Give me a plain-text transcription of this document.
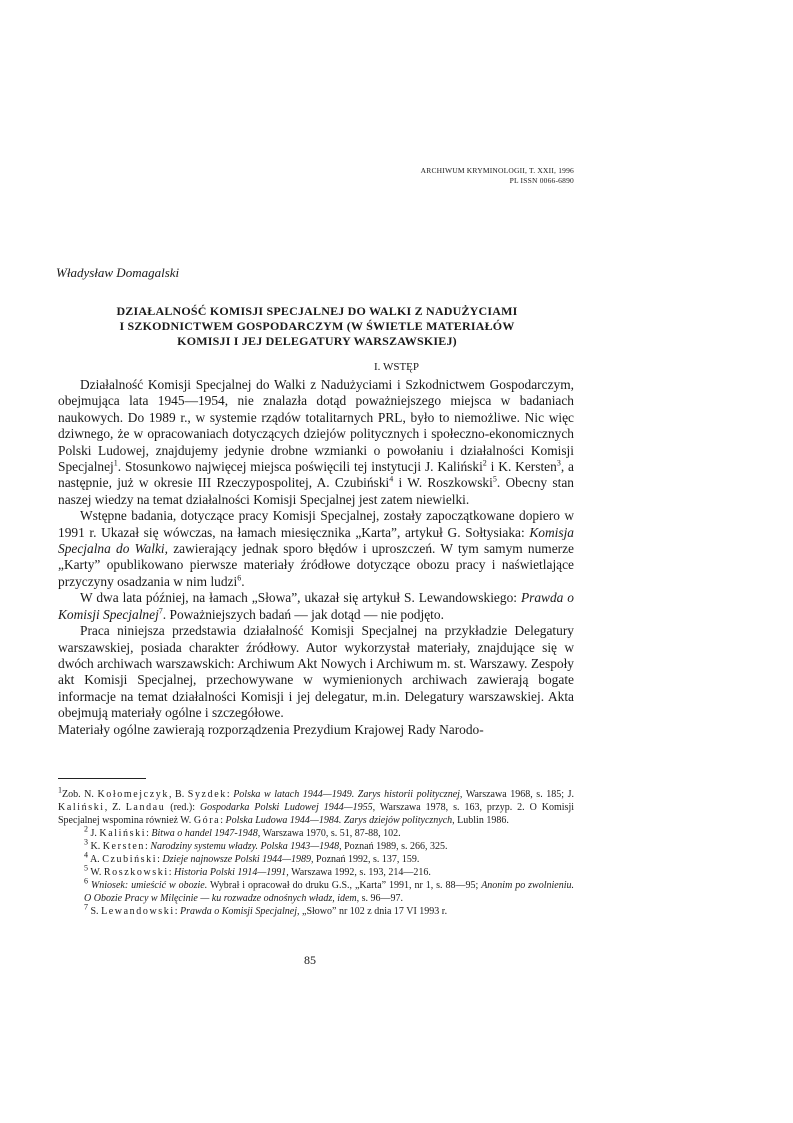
ARCHIWUM KRYMINOLOGII, T. XXII, 1996
PL ISSN 0066-6890
Władysław Domagalski
DZIAŁALNOŚĆ KOMISJI SPECJALNEJ DO WALKI Z NADUŻYCIAMI
I SZKODNICTWEM GOSPODARCZYM (W ŚWIETLE MATERIAŁÓW
KOMISJI I JEJ DELEGATURY WARSZAWSKIEJ)
I. WSTĘP

Działalność Komisji Specjalnej do Walki z Nadużyciami i Szkodnictwem Gospodarczym, obejmująca lata 1945—1954, nie znalazła dotąd poważniejszego miejsca w badaniach naukowych. Do 1989 r., w systemie rządów totalitarnych PRL, było to niemożliwe. Nic więc dziwnego, że w opracowaniach dotyczących dziejów politycznych i społeczno-ekonomicznych Polski Ludowej, znajdujemy jedynie drobne wzmianki o powołaniu i działalności Komisji Specjalnej$^1$. Stosunkowo najwięcej miejsca poświęcili tej instytucji J. Kaliński$^2$ i K. Kersten$^3$, a następnie, już w okresie III Rzeczypospolitej, A. Czubiński$^4$ i W. Roszkowski$^5$. Obecny stan naszej wiedzy na temat działalności Komisji Specjalnej jest zatem niewielki.

Wstępne badania, dotyczące pracy Komisji Specjalnej, zostały zapoczątkowane dopiero w 1991 r. Ukazał się wówczas, na łamach miesięcznika „Karta”, artykuł G. Sołtysiaka: Komisja Specjalna do Walki, zawierający jednak sporo błędów i uproszczeń. W tym samym numerze „Karty” opublikowano pierwsze materiały źródłowe dotyczące obozu pracy i naświetlające przyczyny osadzania w nim ludzi$^6$.

W dwa lata później, na łamach „Słowa”, ukazał się artykuł S. Lewandowskiego: Prawda o Komisji Specjalnej$^7$. Poważniejszych badań — jak dotąd — nie podjęto.

Praca niniejsza przedstawia działalność Komisji Specjalnej na przykładzie Delegatury warszawskiej, posiada charakter źródłowy. Autor wykorzystał materiały, znajdujące się w dwóch archiwach warszawskich: Archiwum Akt Nowych i Archiwum m. st. Warszawy. Zespoły akt Komisji Specjalnej, przechowywane w wymienionych archiwach zawierają bogate informacje na temat działalności Komisji i jej delegatur, m.in. Delegatury warszawskiej. Akta obejmują materiały ogólne i szczegółowe.

Materiały ogólne zawierają rozporządzenia Prezydium Krajowej Rady Narodo-

$^1$Zob. N. Kołomejczyk, B. Syzdek: Polska w latach 1944—1949. Zarys historii politycznej, Warszawa 1968, s. 185; J. Kaliński, Z. Landau (red.): Gospodarka Polski Ludowej 1944—1955, Warszawa 1978, s. 163, przyp. 2. O Komisji Specjalnej wspomina również W. Góra: Polska Ludowa 1944—1984. Zarys dziejów politycznych, Lublin 1986.
$^2$ J. Kaliński: Bitwa o handel 1947-1948, Warszawa 1970, s. 51, 87-88, 102.
$^3$ K. Kersten: Narodziny systemu władzy. Polska 1943—1948, Poznań 1989, s. 266, 325.
$^4$ A. Czubiński: Dzieje najnowsze Polski 1944—1989, Poznań 1992, s. 137, 159.
$^5$ W. Roszkowski: Historia Polski 1914—1991, Warszawa 1992, s. 193, 214—216.
$^6$ Wniosek: umieścić w obozie. Wybrał i opracował do druku G.S., „Karta” 1991, nr 1, s. 88—95; Anonim po zwolnieniu. O Obozie Pracy w Milęcinie — ku rozwadze odnośnych władz, idem, s. 96—97.
$^7$ S. Lewandowski: Prawda o Komisji Specjalnej, „Słowo” nr 102 z dnia 17 VI 1993 r.
85
